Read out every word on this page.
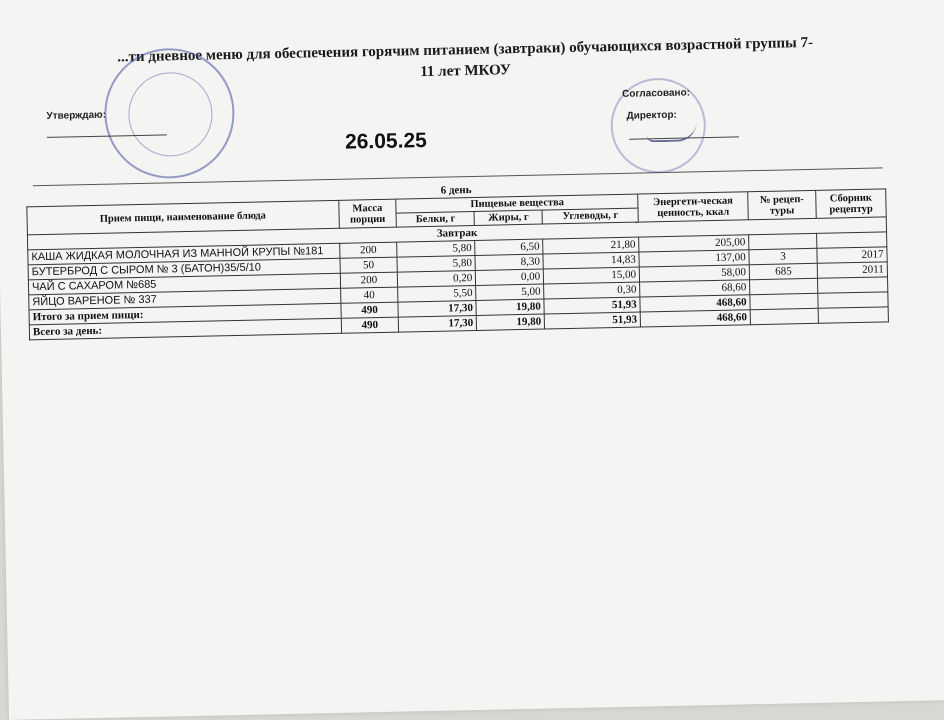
...ти дневное меню для обеспечения горячим питанием (завтраки) обучающихся возрастной группы 7-
11 лет МКОУ
Утверждаю:
Согласовано:
Директор:
26.05.25
6 день							
Прием пищи, наименование блюда	Масса порции	Пищевые вещества			Энергети-ческая ценность, ккал	№ рецеп-туры	Сборник рецептур
		Белки, г	Жиры, г	Углеводы, г			
Завтрак							
КАША ЖИДКАЯ МОЛОЧНАЯ ИЗ МАННОЙ КРУПЫ №181	200	5,80	6,50	21,80	205,00		
БУТЕРБРОД С СЫРОМ № 3 (БАТОН)35/5/10	50	5,80	8,30	14,83	137,00	3	2017
ЧАЙ С САХАРОМ №685	200	0,20	0,00	15,00	58,00	685	2011
ЯЙЦО ВАРЕНОЕ № 337	40	5,50	5,00	0,30	68,60		
Итого за прием пищи:	490	17,30	19,80	51,93	468,60		
Всего за день:	490	17,30	19,80	51,93	468,60		
